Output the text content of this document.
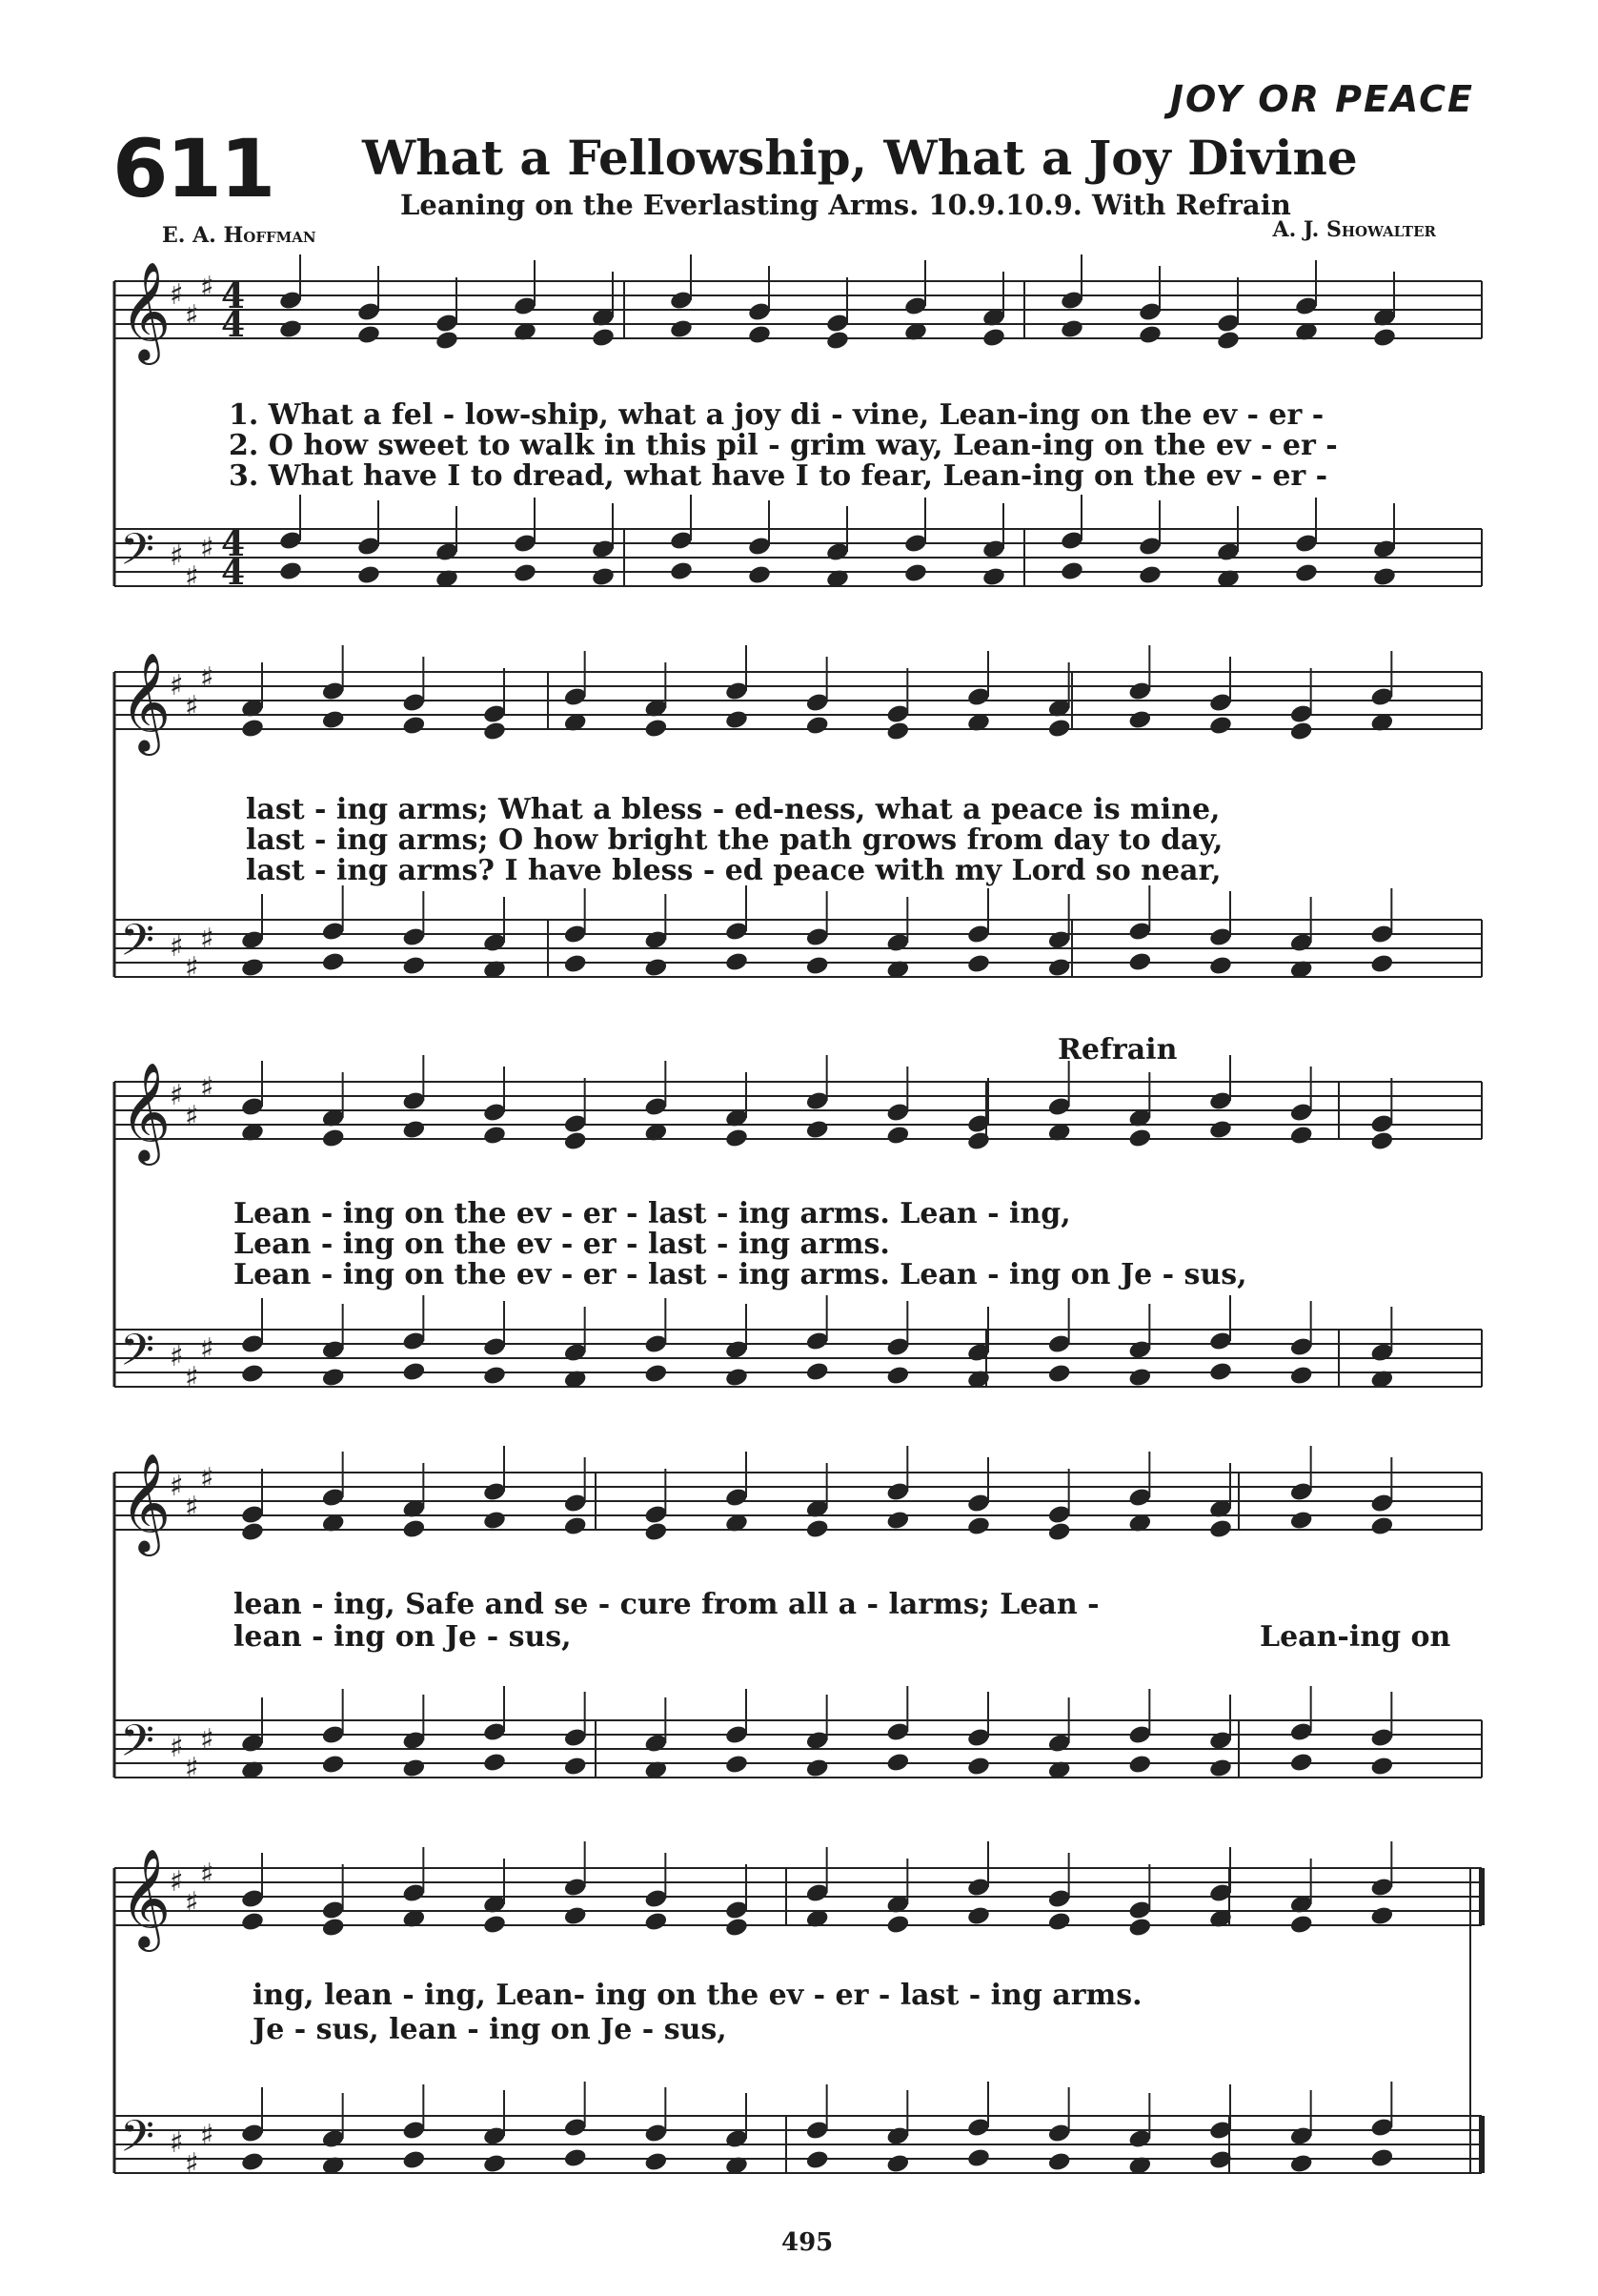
JOY OR PEACE
611 What a Fellowship, What a Joy Divine
Leaning on the Everlasting Arms. 10.9.10.9. With Refrain
E. A. Hoffman	A. J. Showalter
Refrain
495
1. What a fel - low-ship, what a joy di - vine, Lean-ing on the ev - er -
2. O how sweet to walk in this pil - grim way, Lean-ing on the ev - er -
3. What have I to dread, what have I to fear, Lean-ing on the ev - er -
last - ing arms; What a bless - ed-ness, what a peace is mine,
last - ing arms; O how bright the path grows from day to day,
last - ing arms? I have bless - ed peace with my Lord so near,
Lean - ing on the ev - er - last - ing arms. Lean - ing,
Lean - ing on the ev - er - last - ing arms.
Lean - ing on the ev - er - last - ing arms. Lean - ing on Je - sus,
lean - ing, Safe and se - cure from all a - larms; Lean -
lean - ing on Je - sus,	Lean-ing on
ing, lean - ing, Lean- ing on the ev - er - last - ing arms.
Je - sus, lean - ing on Je - sus,
𝄞
♯
♯
♯ 4
4
𝄢 ♯
♯
♯ 4
4
𝄞
♯
♯
♯
𝄢 ♯
♯
♯
𝄞
♯
♯
♯
𝄢 ♯
♯
♯
𝄞
♯
♯
♯
𝄢 ♯
♯
♯
𝄞
♯
♯
♯
𝄢 ♯
♯
♯
